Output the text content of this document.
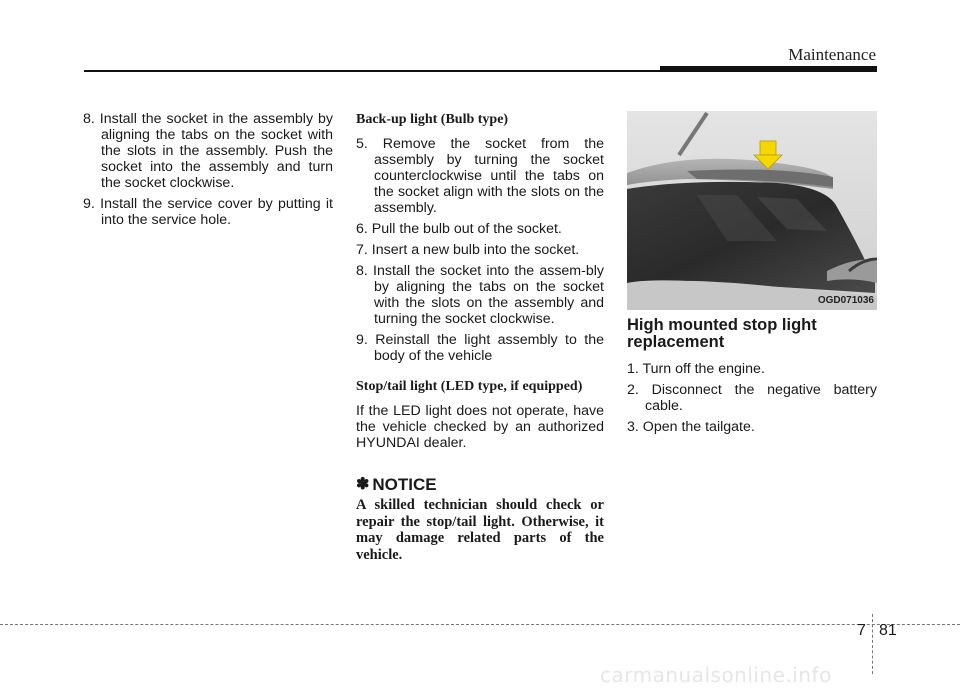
Maintenance
8. Install the socket in the assembly by aligning the tabs on the socket with the slots in the assembly. Push the socket into the assembly and turn the socket clockwise.
9. Install the service cover by putting it into the service hole.
Back-up light (Bulb type)
5. Remove the socket from the assembly by turning the socket counterclockwise until the tabs on the socket align with the slots on the assembly.
6. Pull the bulb out of the socket.
7. Insert a new bulb into the socket.
8. Install the socket into the assem-bly by aligning the tabs on the socket with the slots on the assembly and turning the socket clockwise.
9. Reinstall the light assembly to the body of the vehicle
Stop/tail light (LED type, if equipped)
If the LED light does not operate, have the vehicle checked by an authorized HYUNDAI dealer.
✽ NOTICE
A skilled technician should check or repair the stop/tail light. Otherwise, it may damage related parts of the vehicle.
OGD071036
High mounted stop light replacement
1. Turn off the engine.
2. Disconnect the negative battery cable.
3. Open the tailgate.
7 81
carmanualsonline.info
